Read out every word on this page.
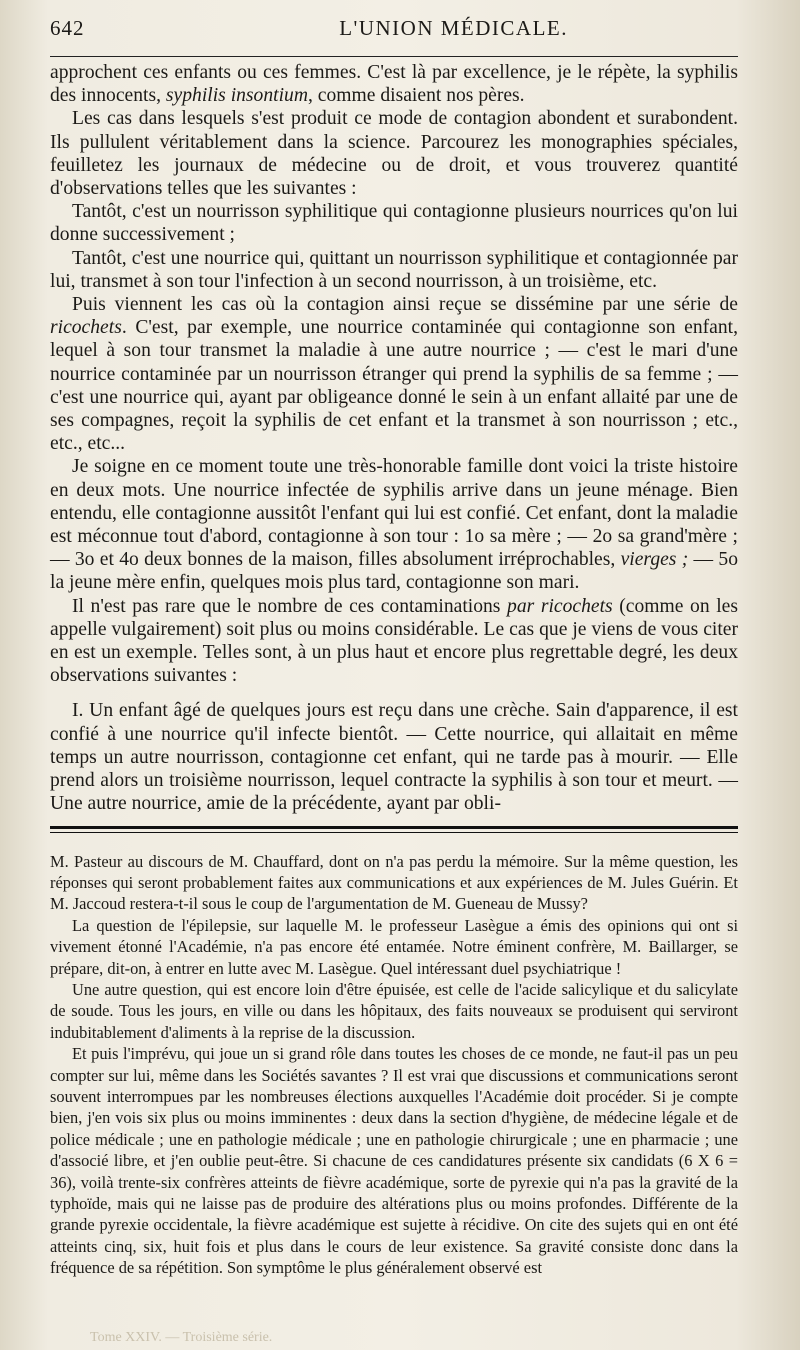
642	L'UNION MÉDICALE.

approchent ces enfants ou ces femmes. C'est là par excellence, je le répète, la syphilis des innocents, syphilis insontium, comme disaient nos pères.

Les cas dans lesquels s'est produit ce mode de contagion abondent et surabondent. Ils pullulent véritablement dans la science. Parcourez les monographies spéciales, feuilletez les journaux de médecine ou de droit, et vous trouverez quantité d'observations telles que les suivantes :

Tantôt, c'est un nourrisson syphilitique qui contagionne plusieurs nourrices qu'on lui donne successivement ;

Tantôt, c'est une nourrice qui, quittant un nourrisson syphilitique et contagionnée par lui, transmet à son tour l'infection à un second nourrisson, à un troisième, etc.

Puis viennent les cas où la contagion ainsi reçue se dissémine par une série de ricochets. C'est, par exemple, une nourrice contaminée qui contagionne son enfant, lequel à son tour transmet la maladie à une autre nourrice ; — c'est le mari d'une nourrice contaminée par un nourrisson étranger qui prend la syphilis de sa femme ; — c'est une nourrice qui, ayant par obligeance donné le sein à un enfant allaité par une de ses compagnes, reçoit la syphilis de cet enfant et la transmet à son nourrisson ; etc., etc., etc...

Je soigne en ce moment toute une très-honorable famille dont voici la triste histoire en deux mots. Une nourrice infectée de syphilis arrive dans un jeune ménage. Bien entendu, elle contagionne aussitôt l'enfant qui lui est confié. Cet enfant, dont la maladie est méconnue tout d'abord, contagionne à son tour : 1o sa mère ; — 2o sa grand'mère ; — 3o et 4o deux bonnes de la maison, filles absolument irréprochables, vierges ; — 5o la jeune mère enfin, quelques mois plus tard, contagionne son mari.

Il n'est pas rare que le nombre de ces contaminations par ricochets (comme on les appelle vulgairement) soit plus ou moins considérable. Le cas que je viens de vous citer en est un exemple. Telles sont, à un plus haut et encore plus regrettable degré, les deux observations suivantes :

I. Un enfant âgé de quelques jours est reçu dans une crèche. Sain d'apparence, il est confié à une nourrice qu'il infecte bientôt. — Cette nourrice, qui allaitait en même temps un autre nourrisson, contagionne cet enfant, qui ne tarde pas à mourir. — Elle prend alors un troisième nourrisson, lequel contracte la syphilis à son tour et meurt. — Une autre nourrice, amie de la précédente, ayant par obli-

M. Pasteur au discours de M. Chauffard, dont on n'a pas perdu la mémoire. Sur la même question, les réponses qui seront probablement faites aux communications et aux expériences de M. Jules Guérin. Et M. Jaccoud restera-t-il sous le coup de l'argumentation de M. Gueneau de Mussy?

La question de l'épilepsie, sur laquelle M. le professeur Lasègue a émis des opinions qui ont si vivement étonné l'Académie, n'a pas encore été entamée. Notre éminent confrère, M. Baillarger, se prépare, dit-on, à entrer en lutte avec M. Lasègue. Quel intéressant duel psychiatrique !

Une autre question, qui est encore loin d'être épuisée, est celle de l'acide salicylique et du salicylate de soude. Tous les jours, en ville ou dans les hôpitaux, des faits nouveaux se produisent qui serviront indubitablement d'aliments à la reprise de la discussion.

Et puis l'imprévu, qui joue un si grand rôle dans toutes les choses de ce monde, ne faut-il pas un peu compter sur lui, même dans les Sociétés savantes ? Il est vrai que discussions et communications seront souvent interrompues par les nombreuses élections auxquelles l'Académie doit procéder. Si je compte bien, j'en vois six plus ou moins imminentes : deux dans la section d'hygiène, de médecine légale et de police médicale ; une en pathologie médicale ; une en pathologie chirurgicale ; une en pharmacie ; une d'associé libre, et j'en oublie peut-être. Si chacune de ces candidatures présente six candidats (6 X 6 = 36), voilà trente-six confrères atteints de fièvre académique, sorte de pyrexie qui n'a pas la gravité de la typhoïde, mais qui ne laisse pas de produire des altérations plus ou moins profondes. Différente de la grande pyrexie occidentale, la fièvre académique est sujette à récidive. On cite des sujets qui en ont été atteints cinq, six, huit fois et plus dans le cours de leur existence. Sa gravité consiste donc dans la fréquence de sa répétition. Son symptôme le plus généralement observé est

Tome XXIV. — Troisième série.
